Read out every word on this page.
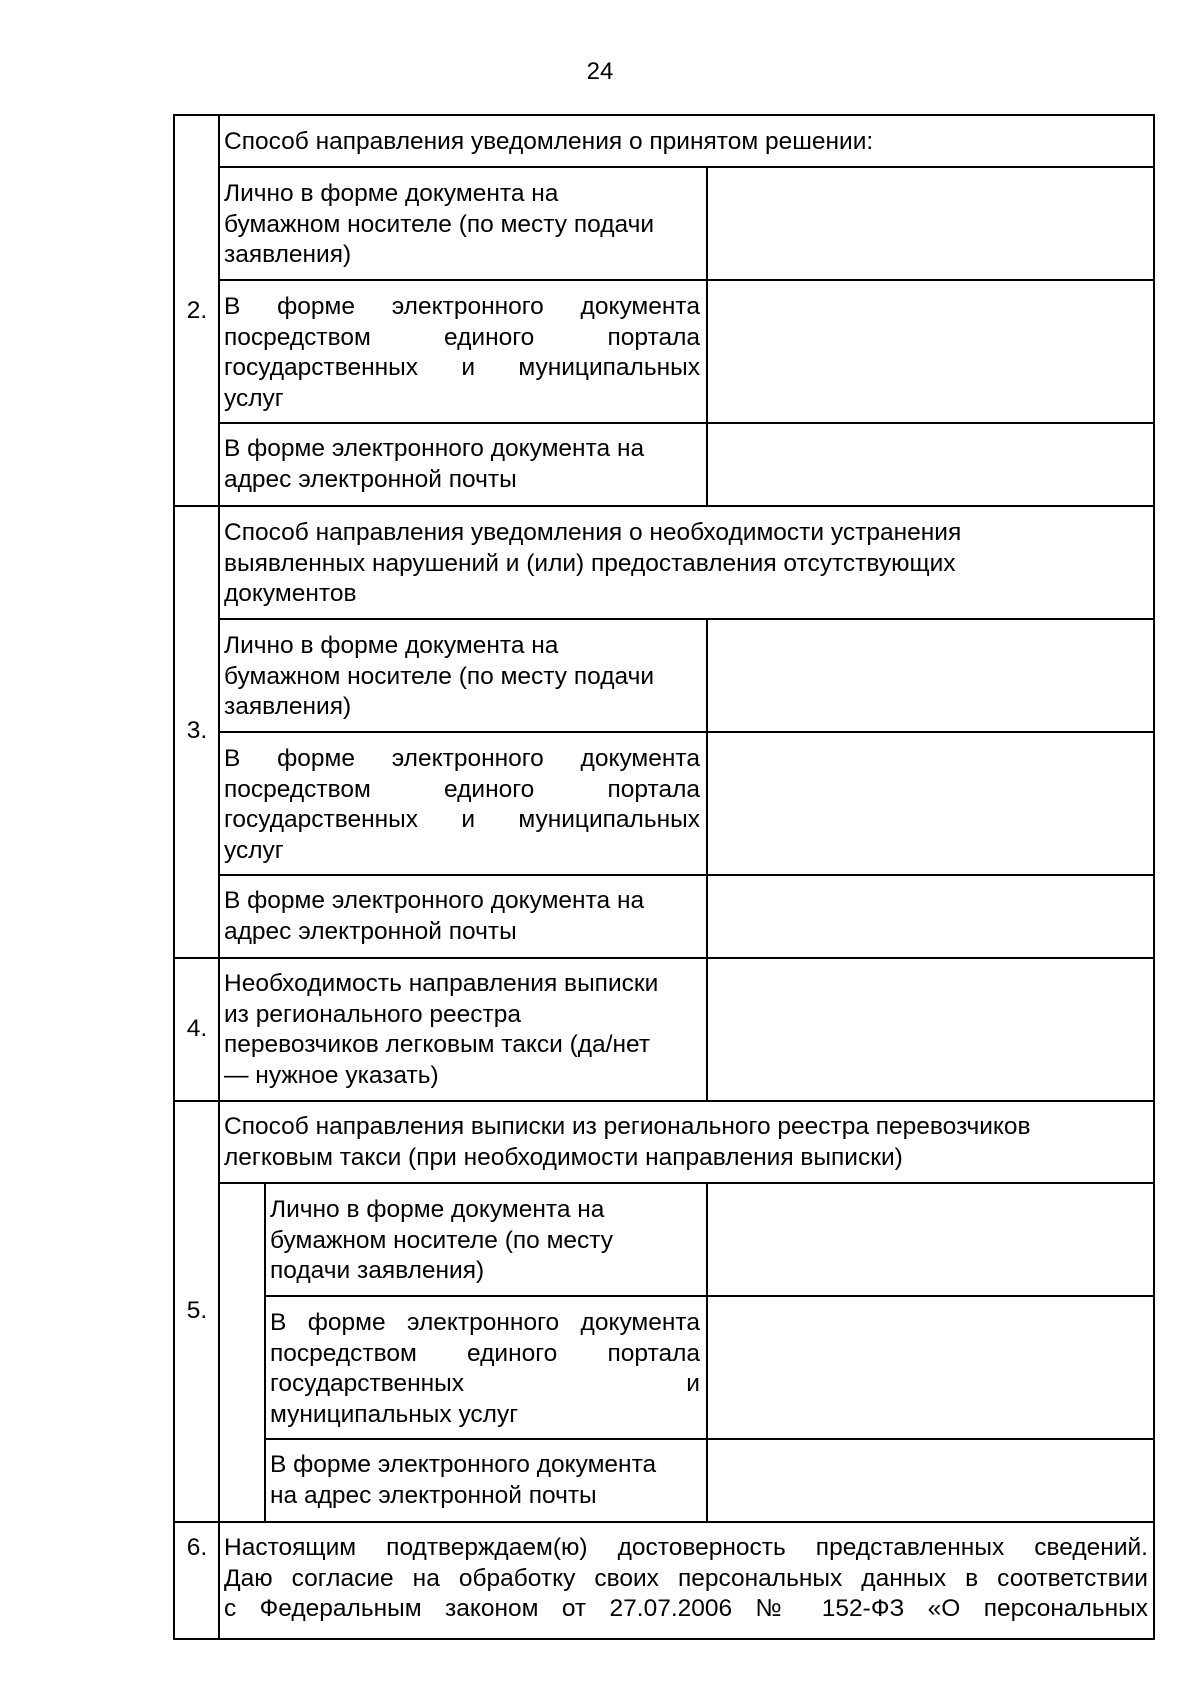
24
2.
Способ направления уведомления о принятом решении:
Лично в форме документа на
бумажном носителе (по месту подачи
заявления)
В форме электронного документа
посредством единого портала
государственных и муниципальных
услуг
В форме электронного документа на
адрес электронной почты
3.
Способ направления уведомления о необходимости устранения
выявленных нарушений и (или) предоставления отсутствующих
документов
Лично в форме документа на
бумажном носителе (по месту подачи
заявления)
В форме электронного документа
посредством единого портала
государственных и муниципальных
услуг
В форме электронного документа на
адрес электронной почты
4.
Необходимость направления выписки
из регионального реестра
перевозчиков легковым такси (да/нет
— нужное указать)
5.
Способ направления выписки из регионального реестра перевозчиков
легковым такси (при необходимости направления выписки)
Лично в форме документа на
бумажном носителе (по месту
подачи заявления)
В форме электронного документа
посредством единого портала
государственных и
муниципальных услуг
В форме электронного документа
на адрес электронной почты
6. Настоящим подтверждаем(ю) достоверность представленных сведений.
Даю согласие на обработку своих персональных данных в соответствии
с Федеральным законом от 27.07.2006 № 152-ФЗ «О персональных
